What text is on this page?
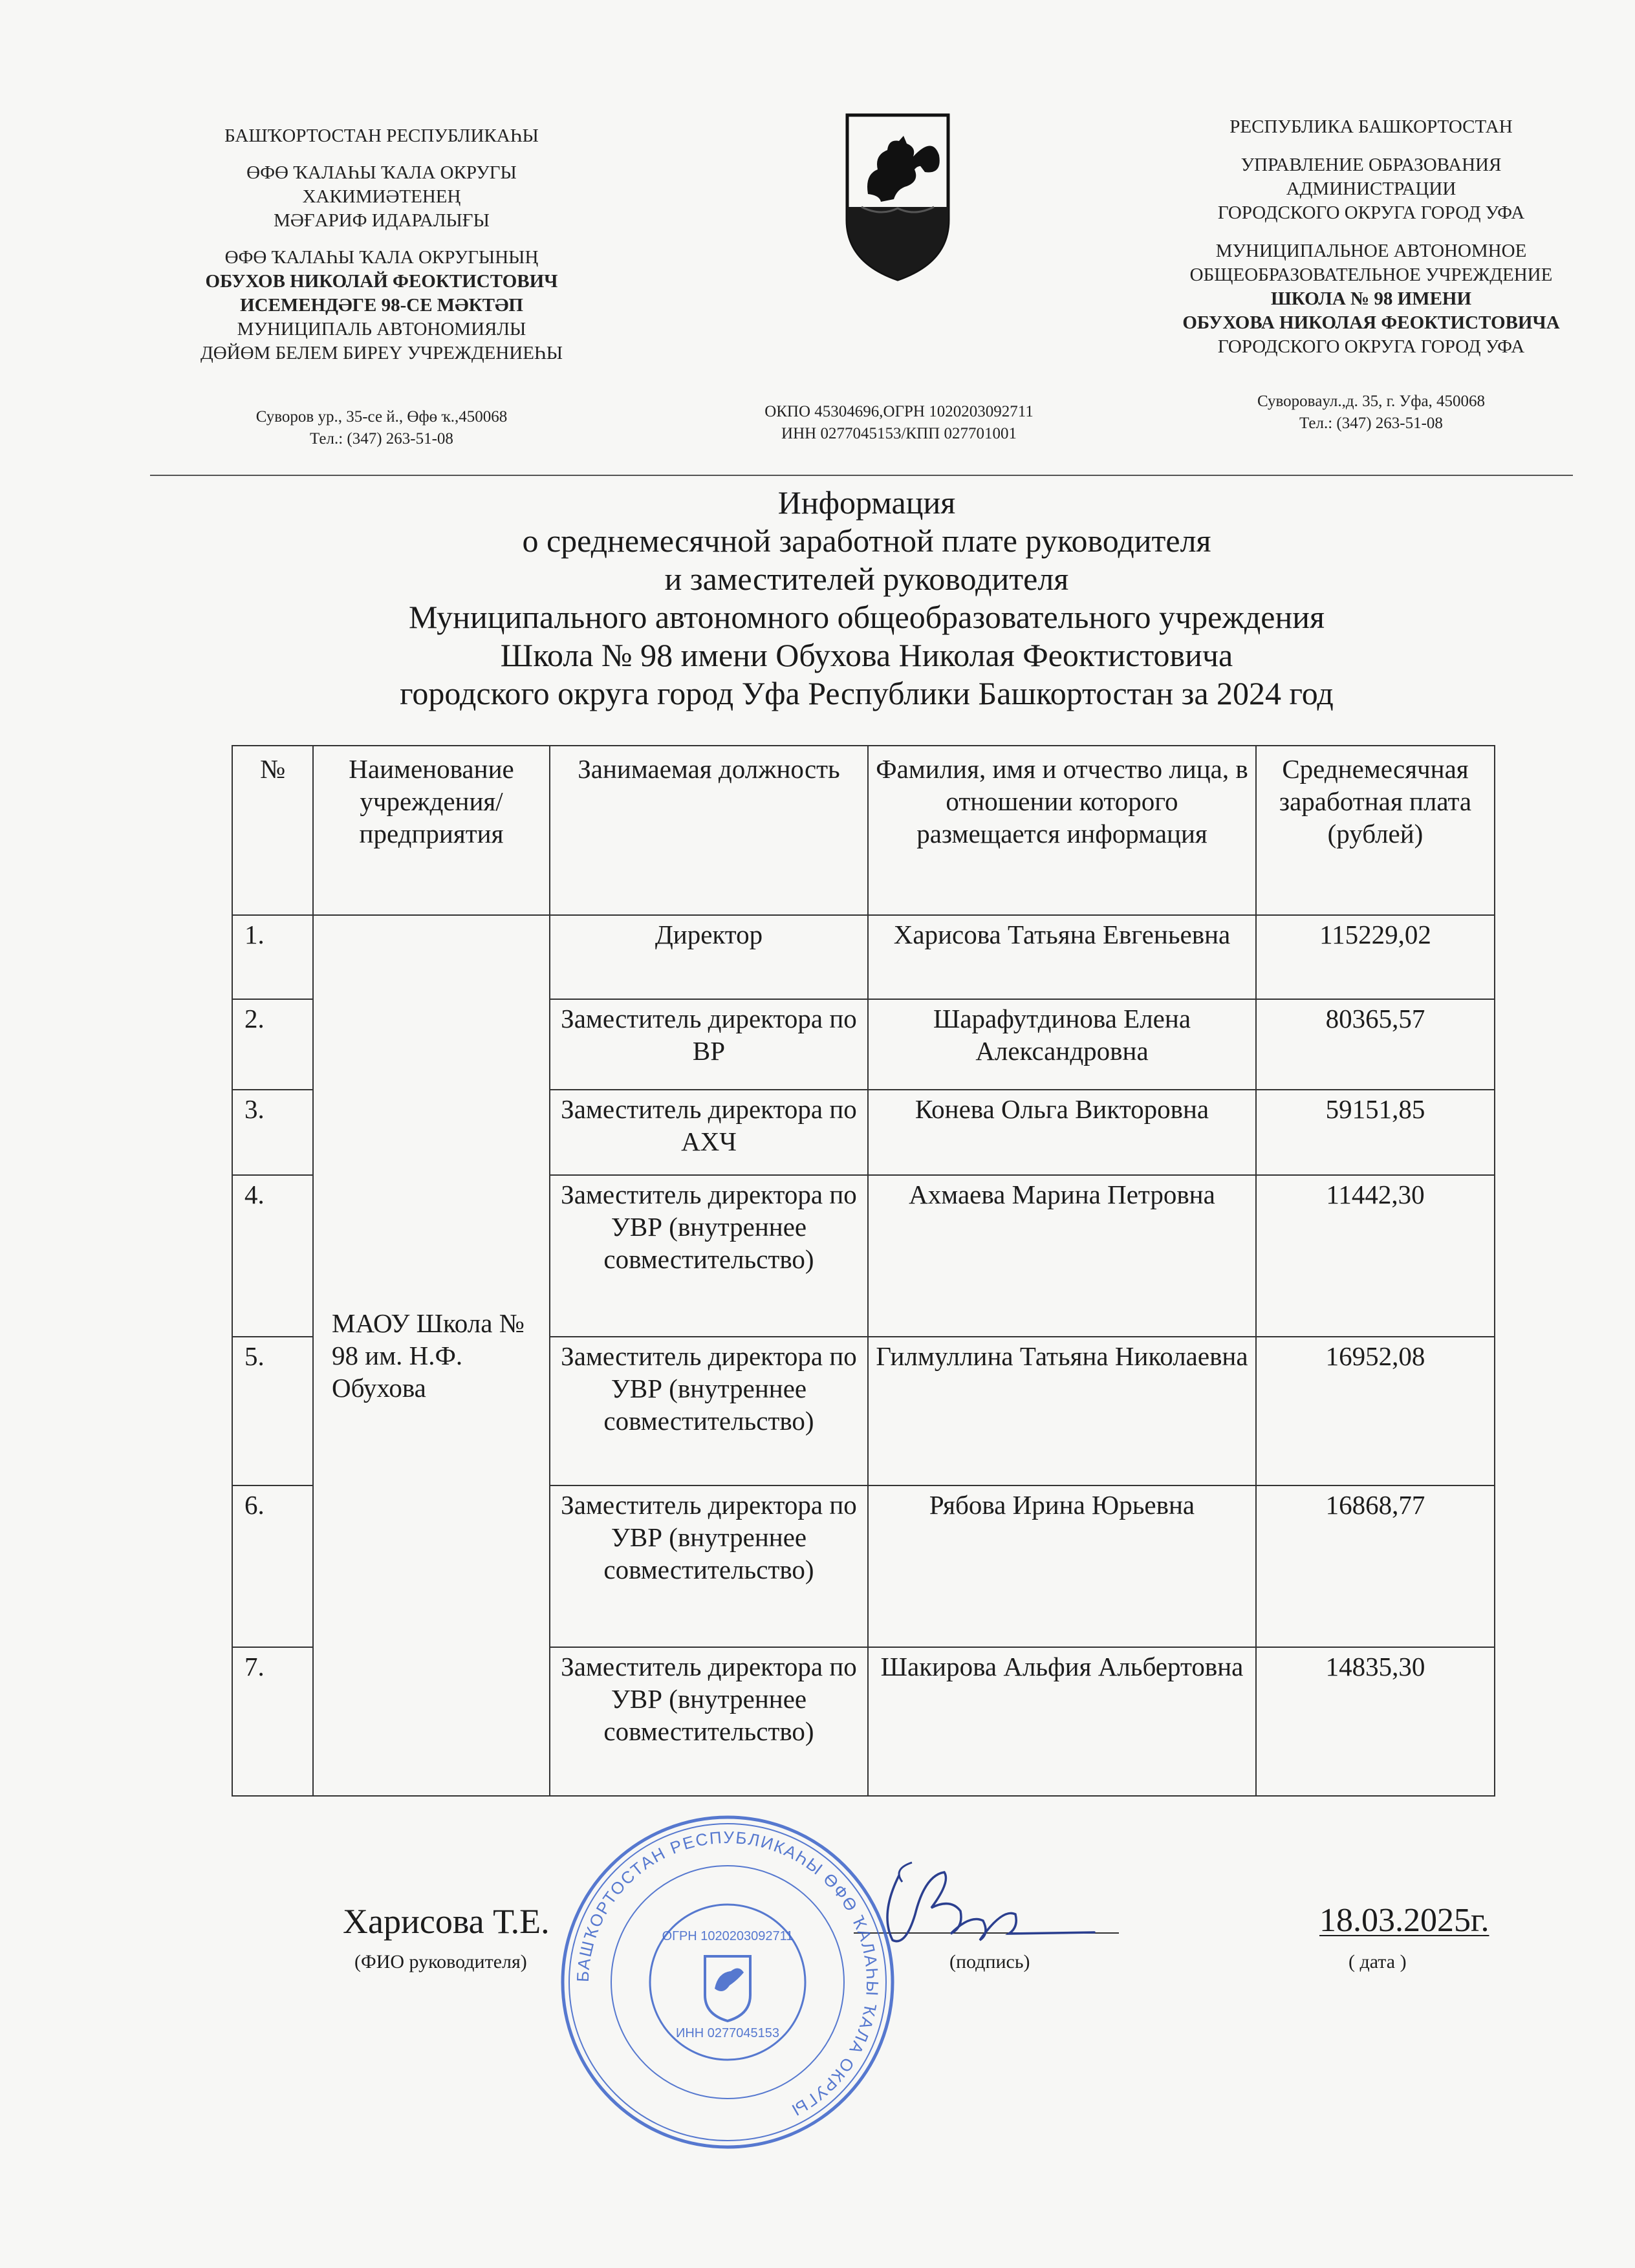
БАШҠОРТОСТАН РЕСПУБЛИКАҺЫ
ӨФӨ ҠАЛАҺЫ ҠАЛА ОКРУГЫ
ХАКИМИӘТЕНЕҢ
МӘҒАРИФ ИДАРАЛЫҒЫ
ӨФӨ ҠАЛАҺЫ ҠАЛА ОКРУГЫНЫҢ
ОБУХОВ НИКОЛАЙ ФЕОКТИСТОВИЧ
ИСЕМЕНДӘГЕ 98-СЕ МӘКТӘП
МУНИЦИПАЛЬ АВТОНОМИЯЛЫ
ДӨЙӨМ БЕЛЕМ БИРЕҮ УЧРЕЖДЕНИЕҺЫ
Суворов ур., 35-се й., Өфө ҡ.,450068
Тел.: (347) 263-51-08
ОКПО 45304696,ОГРН 1020203092711
ИНН 0277045153/КПП 027701001
РЕСПУБЛИКА БАШКОРТОСТАН
УПРАВЛЕНИЕ ОБРАЗОВАНИЯ
АДМИНИСТРАЦИИ
ГОРОДСКОГО ОКРУГА ГОРОД УФА
МУНИЦИПАЛЬНОЕ АВТОНОМНОЕ
ОБЩЕОБРАЗОВАТЕЛЬНОЕ УЧРЕЖДЕНИЕ
ШКОЛА № 98 ИМЕНИ
ОБУХОВА НИКОЛАЯ ФЕОКТИСТОВИЧА
ГОРОДСКОГО ОКРУГА ГОРОД УФА
Суворовaул.,д. 35, г. Уфа, 450068
Тел.: (347) 263-51-08
Информация
о среднемесячной заработной плате руководителя
и заместителей руководителя
Муниципального автономного общеобразовательного учреждения
Школа № 98 имени Обухова Николая Феоктистовича
городского округа город Уфа Республики Башкортостан за 2024 год
№	Наименование учреждения/ предприятия	Занимаемая должность	Фамилия, имя и отчество лица, в отношении которого размещается информация	Среднемесячная заработная плата (рублей)
1.	МАОУ Школа № 98 им. Н.Ф. Обухова	Директор	Харисова Татьяна Евгеньевна	115229,02
2.		Заместитель директора по ВР	Шарафутдинова Елена Александровна	80365,57
3.		Заместитель директора по АХЧ	Конева Ольга Викторовна	59151,85
4.		Заместитель директора по УВР (внутреннее совместительство)	Ахмаева Марина Петровна	11442,30
5.		Заместитель директора по УВР (внутреннее совместительство)	Гилмуллина Татьяна Николаевна	16952,08
6.		Заместитель директора по УВР (внутреннее совместительство)	Рябова Ирина Юрьевна	16868,77
7.		Заместитель директора по УВР (внутреннее совместительство)	Шакирова Альфия Альбертовна	14835,30
Харисова Т.Е.
(ФИО руководителя)	(подпись)
18.03.2025г.
( дата )
БАШҠОРТОСТАН РЕСПУБЛИКАҺЫ ӨФӨ ҠАЛАҺЫ ҠАЛА ОКРУГЫ
ОГРН 1020203092711
ИНН 0277045153
